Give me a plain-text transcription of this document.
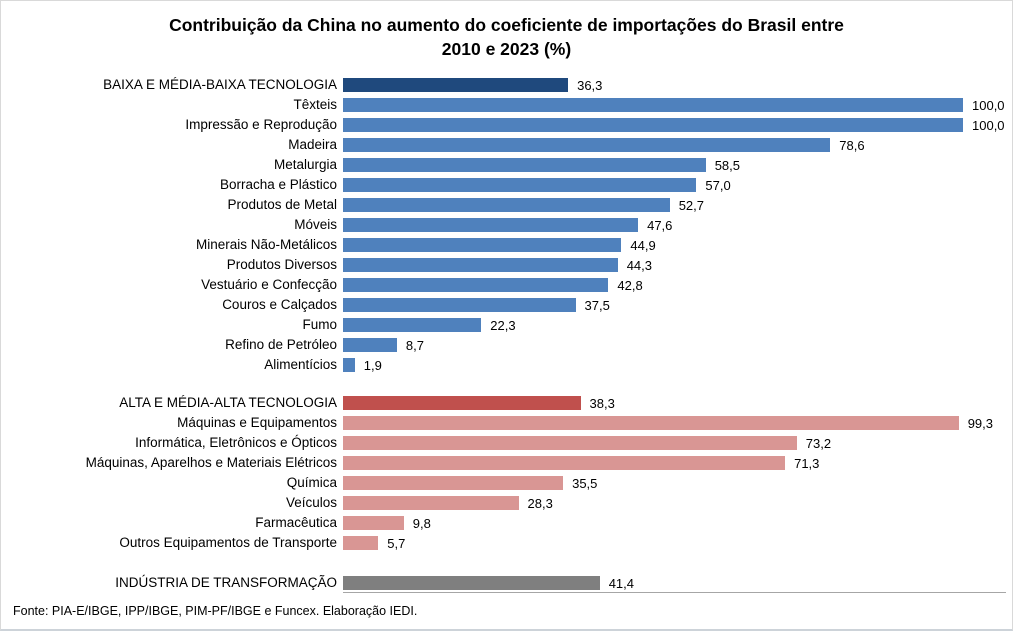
Contribuição da China no aumento do coeficiente de importações do Brasil entre
2010 e 2023 (%)
BAIXA E MÉDIA-BAIXA TECNOLOGIA	36,3
Têxteis	100,0
Impressão e Reprodução	100,0
Madeira	78,6
Metalurgia	58,5
Borracha e Plástico	57,0
Produtos de Metal	52,7
Móveis	47,6
Minerais Não-Metálicos	44,9
Produtos Diversos	44,3
Vestuário e Confecção	42,8
Couros e Calçados	37,5
Fumo	22,3
Refino de Petróleo	8,7
Alimentícios 1,9
ALTA E MÉDIA-ALTA TECNOLOGIA	38,3
Máquinas e Equipamentos	99,3
Informática, Eletrônicos e Ópticos	73,2
Máquinas, Aparelhos e Materiais Elétricos	71,3
Química	35,5
Veículos	28,3
Farmacêutica	9,8
Outros Equipamentos de Transporte	5,7
INDÚSTRIA DE TRANSFORMAÇÃO	41,4
Fonte: PIA-E/IBGE, IPP/IBGE, PIM-PF/IBGE e Funcex. Elaboração IEDI.
